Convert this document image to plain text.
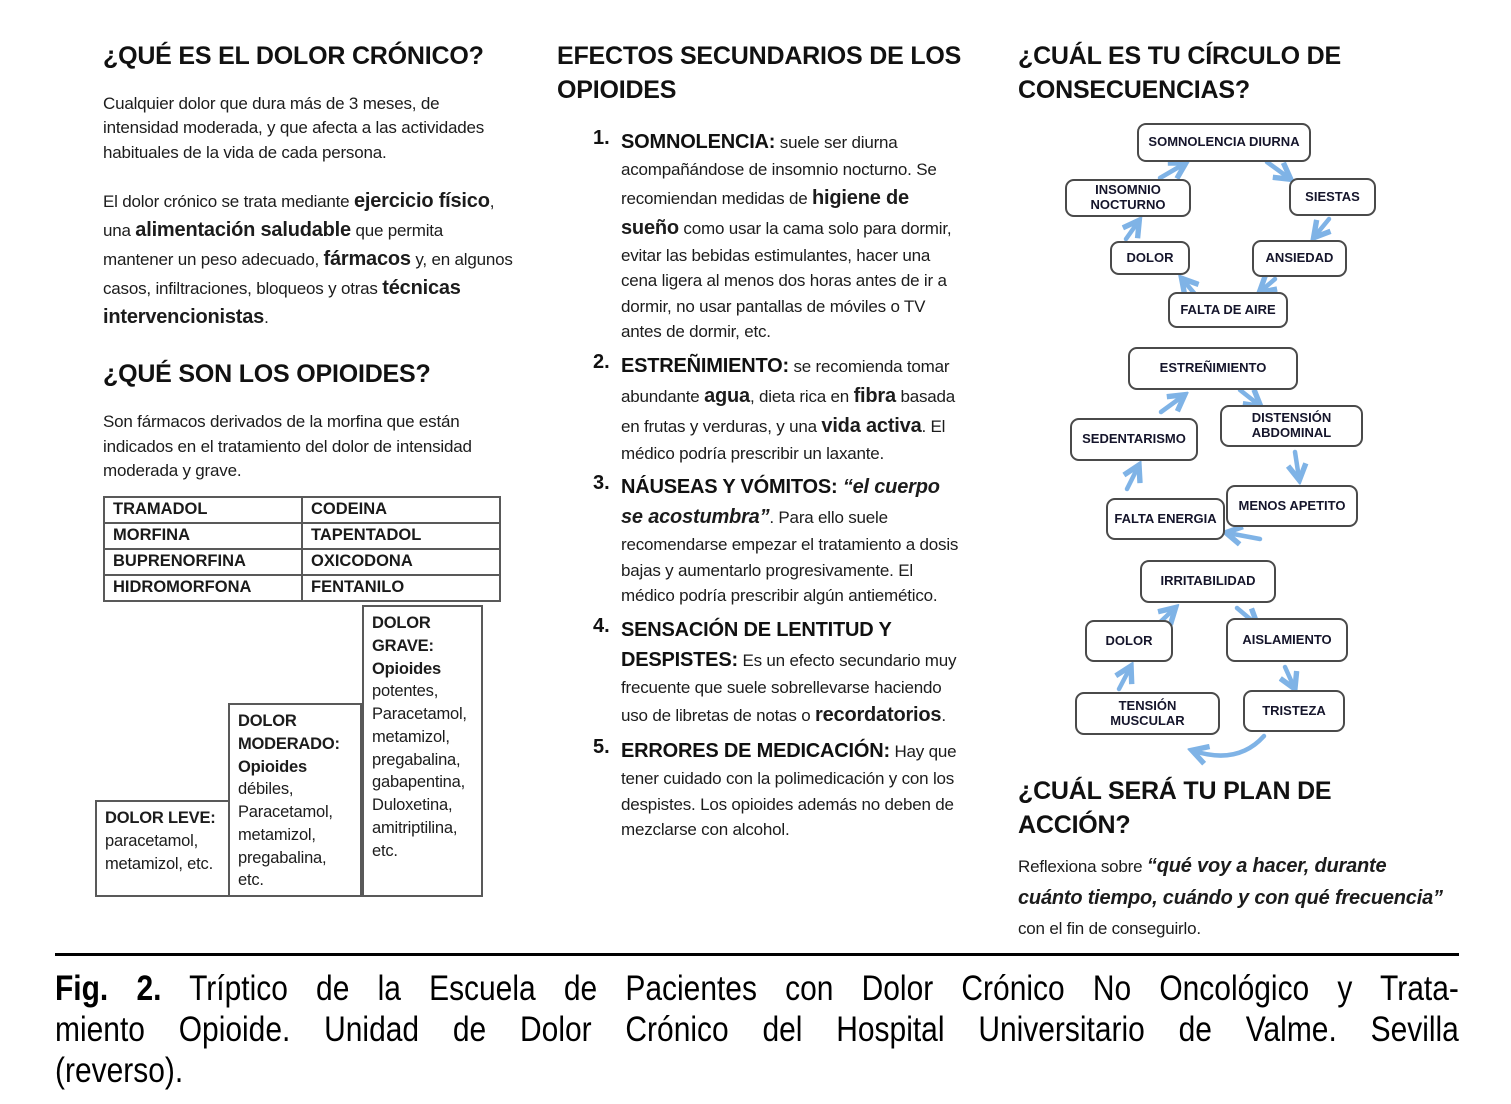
¿QUÉ ES EL DOLOR CRÓNICO?

Cualquier dolor que dura más de 3 meses, de intensidad moderada, y que afecta a las actividades habituales de la vida de cada persona.

El dolor crónico se trata mediante ejercicio físico, una alimentación saludable que permita mantener un peso adecuado, fármacos y, en algunos casos, infiltraciones, bloqueos y otras técnicas intervencionistas.

¿QUÉ SON LOS OPIOIDES?

Son fármacos derivados de la morfina que están indicados en el tratamiento del dolor de intensidad moderada y grave.

TRAMADOL	CODEINA
MORFINA	TAPENTADOL
BUPRENORFINA	OXICODONA
HIDROMORFONA	FENTANILO
DOLOR GRAVE: Opioides potentes, Paracetamol, metamizol, pregabalina, gabapentina, Duloxetina, amitriptilina, etc.
DOLOR MODERADO: Opioides débiles, Paracetamol, metamizol, pregabalina, etc.
DOLOR LEVE: paracetamol, metamizol, etc.
EFECTOS SECUNDARIOS DE LOS OPIOIDES
1. SOMNOLENCIA: suele ser diurna acompañándose de insomnio nocturno. Se recomiendan medidas de higiene de sueño como usar la cama solo para dormir, evitar las bebidas estimulantes, hacer una cena ligera al menos dos horas antes de ir a dormir, no usar pantallas de móviles o TV antes de dormir, etc.
2. ESTREÑIMIENTO: se recomienda tomar abundante agua, dieta rica en fibra basada en frutas y verduras, y una vida activa. El médico podría prescribir un laxante.
3. NÁUSEAS Y VÓMITOS: “el cuerpo se acostumbra”. Para ello suele recomendarse empezar el tratamiento a dosis bajas y aumentarlo progresivamente. El médico podría prescribir algún antiemético.
4. SENSACIÓN DE LENTITUD Y DESPISTES: Es un efecto secundario muy frecuente que suele sobrellevarse haciendo uso de libretas de notas o recordatorios.
5. ERRORES DE MEDICACIÓN: Hay que tener cuidado con la polimedicación y con los despistes. Los opioides además no deben de mezclarse con alcohol.
¿CUÁL ES TU CÍRCULO DE CONSECUENCIAS?
SOMNOLENCIA DIURNA
INSOMNIO NOCTURNO
SIESTAS
DOLOR	ANSIEDAD
FALTA DE AIRE
ESTREÑIMIENTO
SEDENTARISMO
DISTENSIÓN ABDOMINAL
FALTA ENERGIA
MENOS APETITO
IRRITABILIDAD
DOLOR	AISLAMIENTO
TENSIÓN MUSCULAR
TRISTEZA
¿CUÁL SERÁ TU PLAN DE ACCIÓN?

Reflexiona sobre “qué voy a hacer, durante cuánto tiempo, cuándo y con qué frecuencia” con el fin de conseguirlo.

Fig. 2. Tríptico de la Escuela de Pacientes con Dolor Crónico No Oncológico y Trata-
miento Opioide. Unidad de Dolor Crónico del Hospital Universitario de Valme. Sevilla
(reverso).
